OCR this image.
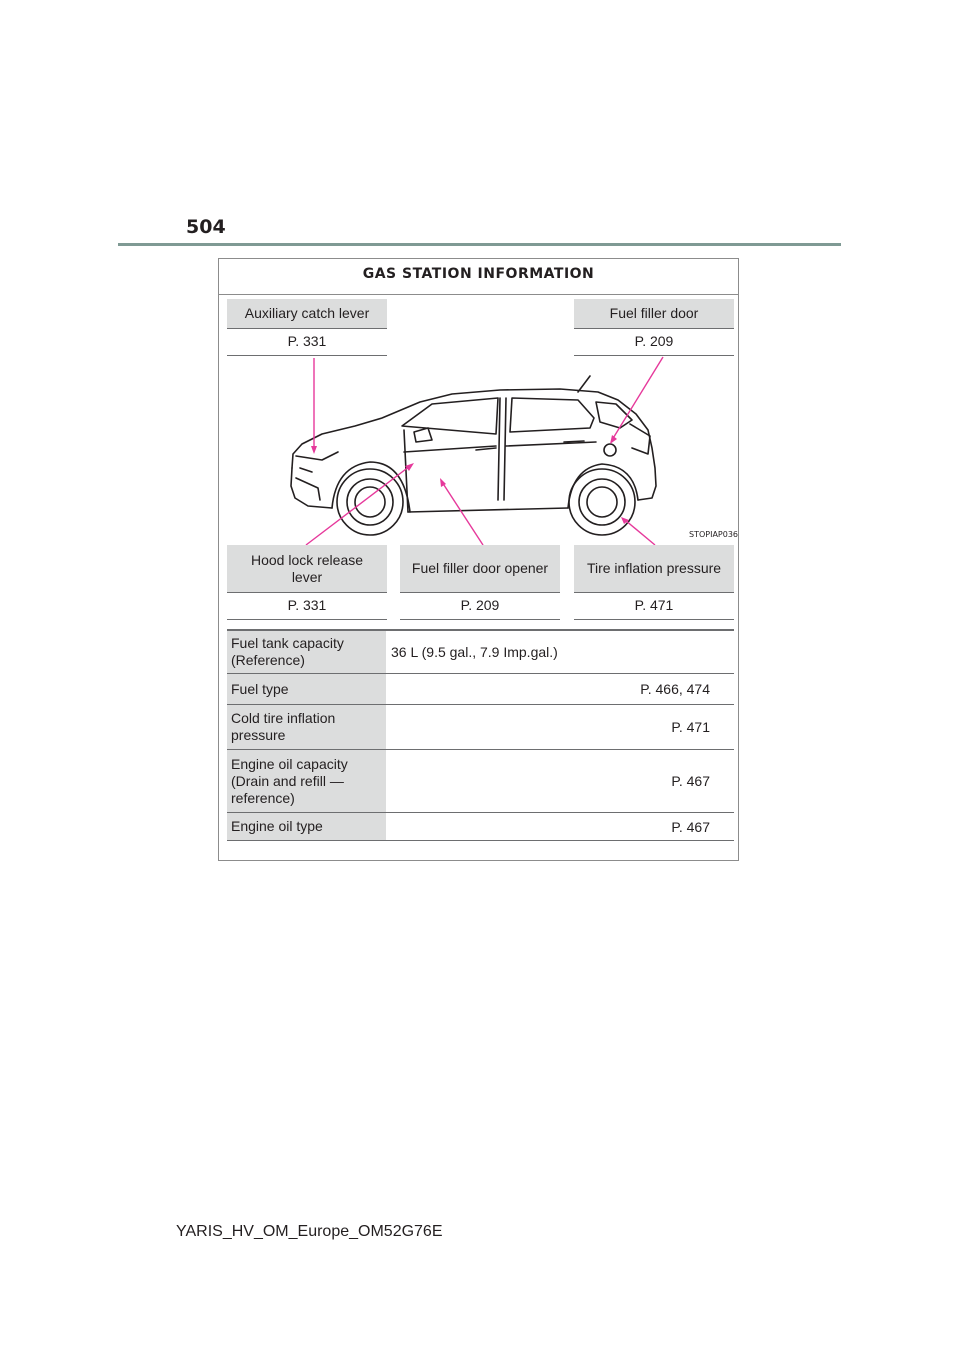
504
GAS STATION INFORMATION
Auxiliary catch lever
P. 331
Fuel filler door
P. 209
STOPIAP036
Hood lock release
lever
P. 331
Fuel filler door opener
P. 209
Tire inflation pressure
P. 471
Fuel tank capacity
(Reference)	36 L (9.5 gal., 7.9 Imp.gal.)
Fuel type	P. 466, 474

Cold tire inflation
pressure	P. 471

Engine oil capacity
(Drain and refill —
reference)	P. 467
Engine oil type	P. 467
YARIS_HV_OM_Europe_OM52G76E
